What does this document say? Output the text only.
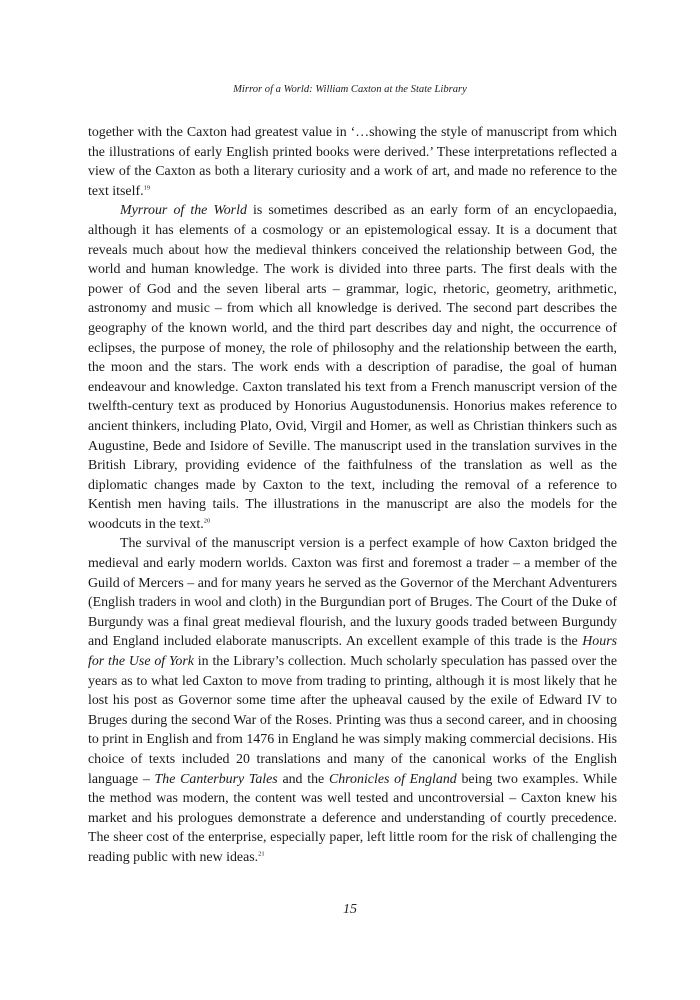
Mirror of a World: William Caxton at the State Library

together with the Caxton had greatest value in ‘…showing the style of manuscript from which the illustrations of early English printed books were derived.’ These interpretations reflected a view of the Caxton as both a literary curiosity and a work of art, and made no reference to the text itself.$^{19}$

Myrrour of the World is sometimes described as an early form of an encyclopaedia, although it has elements of a cosmology or an epistemological essay. It is a document that reveals much about how the medieval thinkers conceived the relationship between God, the world and human knowledge. The work is divided into three parts. The first deals with the power of God and the seven liberal arts – grammar, logic, rhetoric, geometry, arithmetic, astronomy and music – from which all knowledge is derived. The second part describes the geography of the known world, and the third part describes day and night, the occurrence of eclipses, the purpose of money, the role of philosophy and the relationship between the earth, the moon and the stars. The work ends with a description of paradise, the goal of human endeavour and knowledge. Caxton translated his text from a French manuscript version of the twelfth-century text as produced by Honorius Augustodunensis. Honorius makes reference to ancient thinkers, including Plato, Ovid, Virgil and Homer, as well as Christian thinkers such as Augustine, Bede and Isidore of Seville. The manuscript used in the translation survives in the British Library, providing evidence of the faithfulness of the translation as well as the diplomatic changes made by Caxton to the text, including the removal of a reference to Kentish men having tails. The illustrations in the manuscript are also the models for the woodcuts in the text.$^{20}$

The survival of the manuscript version is a perfect example of how Caxton bridged the medieval and early modern worlds. Caxton was first and foremost a trader – a member of the Guild of Mercers – and for many years he served as the Governor of the Merchant Adventurers (English traders in wool and cloth) in the Burgundian port of Bruges. The Court of the Duke of Burgundy was a final great medieval flourish, and the luxury goods traded between Burgundy and England included elaborate manuscripts. An excellent example of this trade is the Hours for the Use of York in the Library’s collection. Much scholarly speculation has passed over the years as to what led Caxton to move from trading to printing, although it is most likely that he lost his post as Governor some time after the upheaval caused by the exile of Edward IV to Bruges during the second War of the Roses. Printing was thus a second career, and in choosing to print in English and from 1476 in England he was simply making commercial decisions. His choice of texts included 20 translations and many of the canonical works of the English language – The Canterbury Tales and the Chronicles of England being two examples. While the method was modern, the content was well tested and uncontroversial – Caxton knew his market and his prologues demonstrate a deference and understanding of courtly precedence. The sheer cost of the enterprise, especially paper, left little room for the risk of challenging the reading public with new ideas.$^{21}$

15
